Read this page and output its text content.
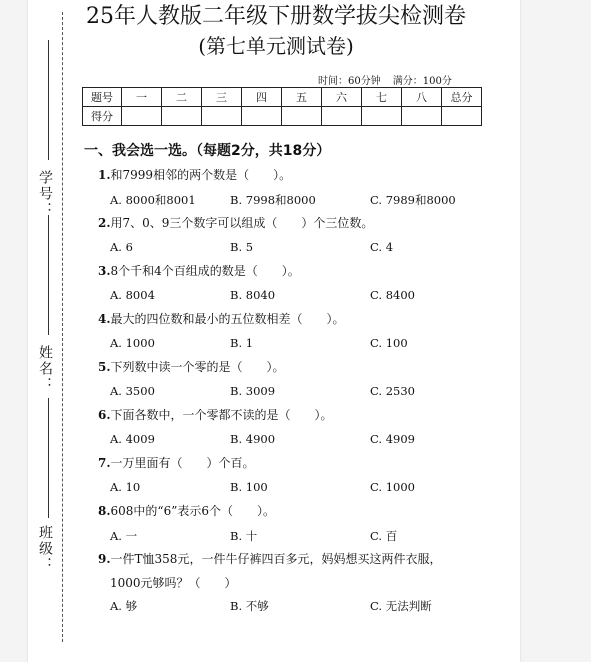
学号：
姓名：
班级：
25年人教版二年级下册数学拔尖检测卷
(第七单元测试卷)
时间：60分钟 满分：100分
题号	一	二	三	四	五	六	七	八	总分
得分									
一、我会选一选。（每题2分，共18分）
1.和7999相邻的两个数是（　　）。
A. 8000和8001	B. 7998和8000	C. 7989和8000
2.用7、0、9三个数字可以组成（　　）个三位数。
A. 6	B. 5	C. 4
3.8个千和4个百组成的数是（　　）。
A. 8004	B. 8040	C. 8400
4.最大的四位数和最小的五位数相差（　　）。
A. 1000	B. 1	C. 100
5.下列数中读一个零的是（　　）。
A. 3500	B. 3009	C. 2530
6.下面各数中，一个零都不读的是（　　）。
A. 4009	B. 4900	C. 4909
7.一万里面有（　　）个百。
A. 10	B. 100	C. 1000
8.608中的“6”表示6个（　　）。
A. 一	B. 十	C. 百
9.一件T恤358元，一件牛仔裤四百多元，妈妈想买这两件衣服，
1000元够吗？（　　）
A. 够	B. 不够	C. 无法判断
